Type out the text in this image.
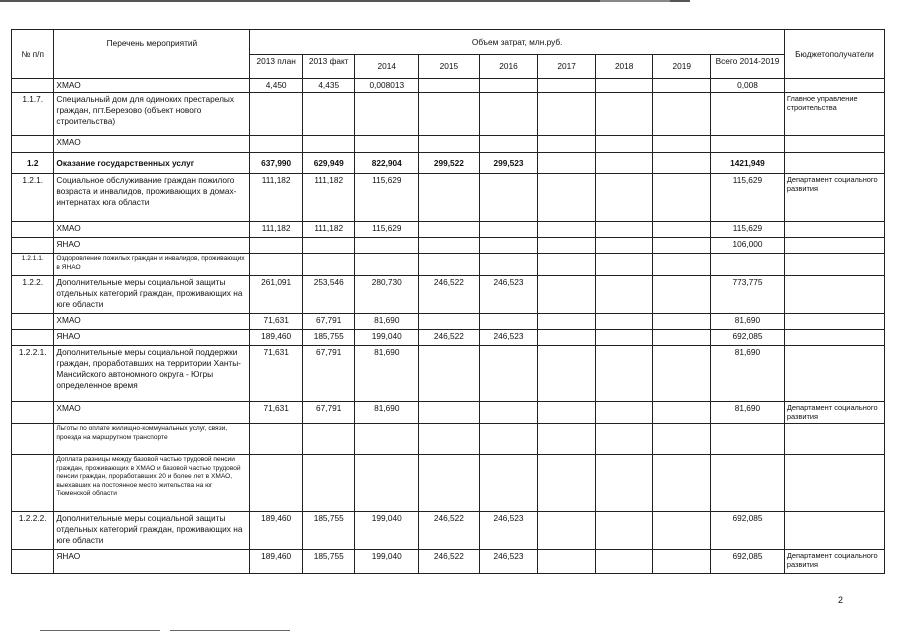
№ п/п	Перечень мероприятий	Объем затрат, млн.руб.									Бюджетополучатели
		2013 план	2013 факт	2014	2015	2016	2017	2018	2019	Всего 2014-2019	
	ХМАО	4,450	4,435	0,008013						0,008	
1.1.7.	Специальный дом для одиноких престарелых граждан, пгт.Березово (объект нового строительства)										Главное управление строительства
	ХМАО										
1.2	Оказание государственных услуг	637,990	629,949	822,904	299,522	299,523				1421,949	
1.2.1.	Социальное обслуживание граждан пожилого возраста и инвалидов, проживающих в домах-интернатах юга области	111,182	111,182	115,629						115,629	Департамент социального развития
	ХМАО	111,182	111,182	115,629						115,629	
	ЯНАО									106,000	
1.2.1.1.	Оздоровление пожилых граждан и инвалидов, проживающих в ЯНАО										
1.2.2.	Дополнительные меры социальной защиты отдельных категорий граждан, проживающих на юге области	261,091	253,546	280,730	246,522	246,523				773,775	
	ХМАО	71,631	67,791	81,690						81,690	
	ЯНАО	189,460	185,755	199,040	246,522	246,523				692,085	
1.2.2.1.	Дополнительные меры социальной поддержки граждан, проработавших на территории Ханты-Мансийского автономного округа - Югры определенное время	71,631	67,791	81,690						81,690	
	ХМАО	71,631	67,791	81,690						81,690	Департамент социального развития
	Льготы по оплате жилищно-коммунальных услуг, связи, проезда на маршрутном транспорте										
	Доплата разницы между базовой частью трудовой пенсии граждан, проживающих в ХМАО и базовой частью трудовой пенсии граждан, проработавших 20 и более лет в ХМАО, выехавших на постоянное место жительства на юг Тюменской области										
1.2.2.2.	Дополнительные меры социальной защиты отдельных категорий граждан, проживающих на юге области	189,460	185,755	199,040	246,522	246,523				692,085	
	ЯНАО	189,460	185,755	199,040	246,522	246,523				692,085	Департамент социального развития
2
